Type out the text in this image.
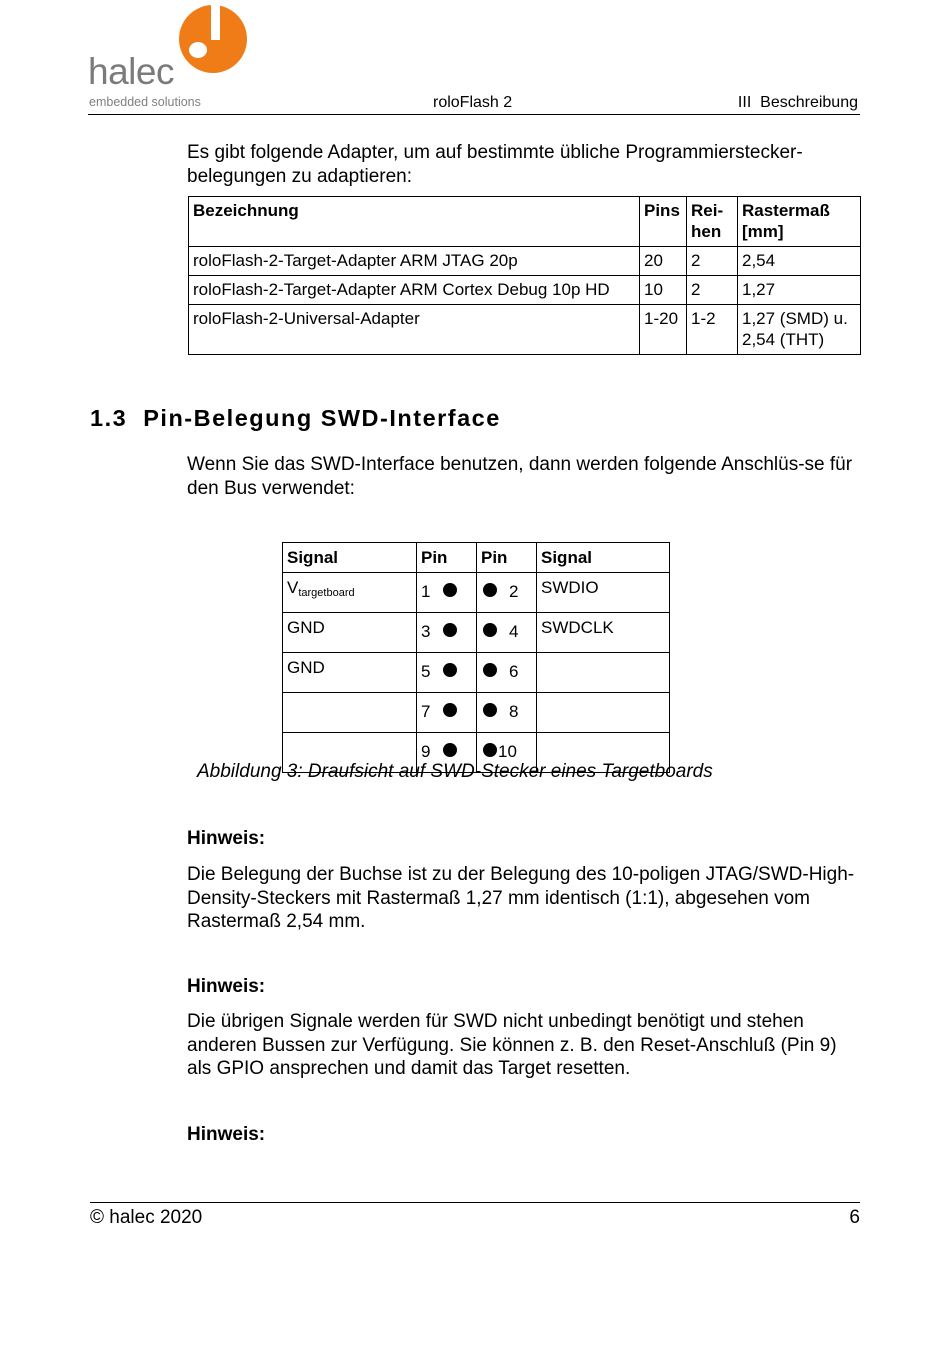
halec
embedded solutions	roloFlash 2	III  Beschreibung
Es gibt folgende Adapter, um auf bestimmte übliche Programmierstecker-belegungen zu adaptieren:
Bezeichnung	Pins	Rei-hen	Rastermaß [mm]
roloFlash-2-Target-Adapter ARM JTAG 20p	20	2	2,54
roloFlash-2-Target-Adapter ARM Cortex Debug 10p HD	10	2	1,27
roloFlash-2-Universal-Adapter	1-20	1-2	1,27 (SMD) u. 2,54 (THT)
1.3 Pin-Belegung SWD-Interface
Wenn Sie das SWD-Interface benutzen, dann werden folgende Anschlüs-se für den Bus verwendet:
Signal	Pin	Pin	Signal
$V_{targetboard}$	1	2	SWDIO
GND	3	4	SWDCLK
GND	5	6	

	7	8	

	9	10	

Abbildung 3: Draufsicht auf SWD-Stecker eines Targetboards
Hinweis:
Die Belegung der Buchse ist zu der Belegung des 10-poligen JTAG/SWD-High-Density-Steckers mit Rastermaß 1,27 mm identisch (1:1), abgesehen vom Rastermaß 2,54 mm.
Hinweis:
Die übrigen Signale werden für SWD nicht unbedingt benötigt und stehen anderen Bussen zur Verfügung. Sie können z. B. den Reset-Anschluß (Pin 9) als GPIO ansprechen und damit das Target resetten.
Hinweis:
© halec 2020	6
